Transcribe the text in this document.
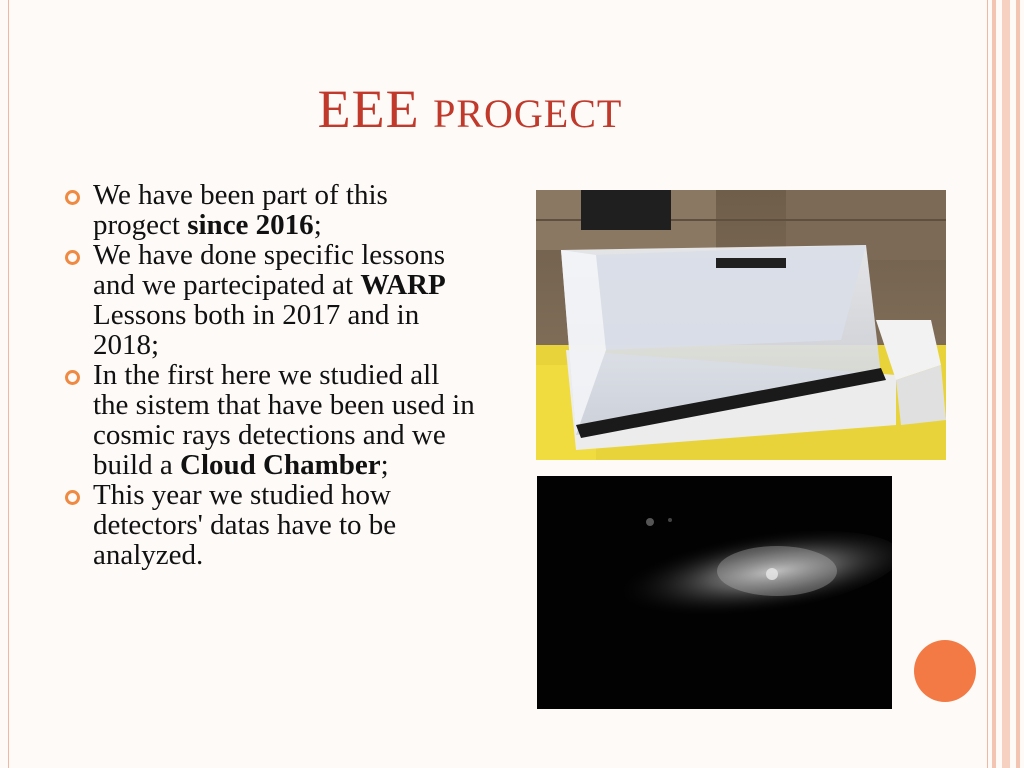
EEE PROGECT
We have been part of this progect since 2016;
We have done specific lessons and we partecipated at WARP Lessons both in 2017 and in 2018;
In the first here we studied all the sistem that have been used in cosmic rays detections and we build a Cloud Chamber;
This year we studied how detectors' datas have to be analyzed.
